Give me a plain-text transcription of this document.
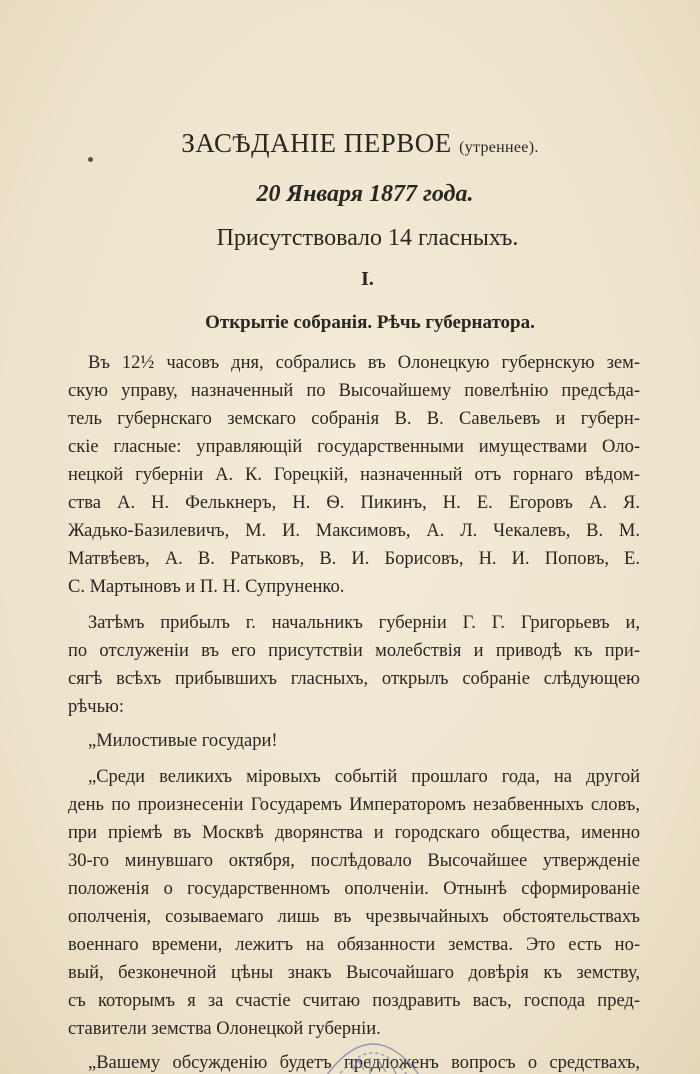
ЗАСѢДАНІЕ ПЕРВОЕ (утреннее).
20 Января 1877 года.
Присутствовало 14 гласныхъ.
I.
Открытіе собранія. Рѣчь губернатора.
Въ 12½ часовъ дня, собрались въ Олонецкую губернскую зем-
скую управу, назначенный по Высочайшему повелѣнію предсѣда-
тель губернскаго земскаго собранія В. В. Савельевъ и губерн-
скіе гласные: управляющій государственными имуществами Оло-
нецкой губерніи А. К. Горецкій, назначенный отъ горнаго вѣдом-
ства А. Н. Фелькнеръ, Н. Ѳ. Пикинъ, Н. Е. Егоровъ А. Я.
Жадько-Базилевичъ, М. И. Максимовъ, А. Л. Чекалевъ, В. М.
Матвѣевъ, А. В. Ратьковъ, В. И. Борисовъ, Н. И. Поповъ, Е.
С. Мартыновъ и П. Н. Супруненко.
Затѣмъ прибылъ г. начальникъ губерніи Г. Г. Григорьевъ и,
по отслуженіи въ его присутствіи молебствія и приводѣ къ при-
сягѣ всѣхъ прибывшихъ гласныхъ, открылъ собраніе слѣдующею
рѣчью:
„Милостивые государи!
„Среди великихъ міровыхъ событій прошлаго года, на другой
день по произнесеніи Государемъ Императоромъ незабвенныхъ словъ,
при пріемѣ въ Москвѣ дворянства и городскаго общества, именно
30-го минувшаго октября, послѣдовало Высочайшее утвержденіе
положенія о государственномъ ополченіи. Отнынѣ сформированіе
ополченія, созываемаго лишь въ чрезвычайныхъ обстоятельствахъ
военнаго времени, лежитъ на обязанности земства. Это есть но-
вый, безконечной цѣны знакъ Высочайшаго довѣрія къ земству,
съ которымъ я за счастіе считаю поздравить васъ, господа пред-
ставители земства Олонецкой губерніи.
„Вашему обсужденію будетъ предложенъ вопросъ о средствахъ,
